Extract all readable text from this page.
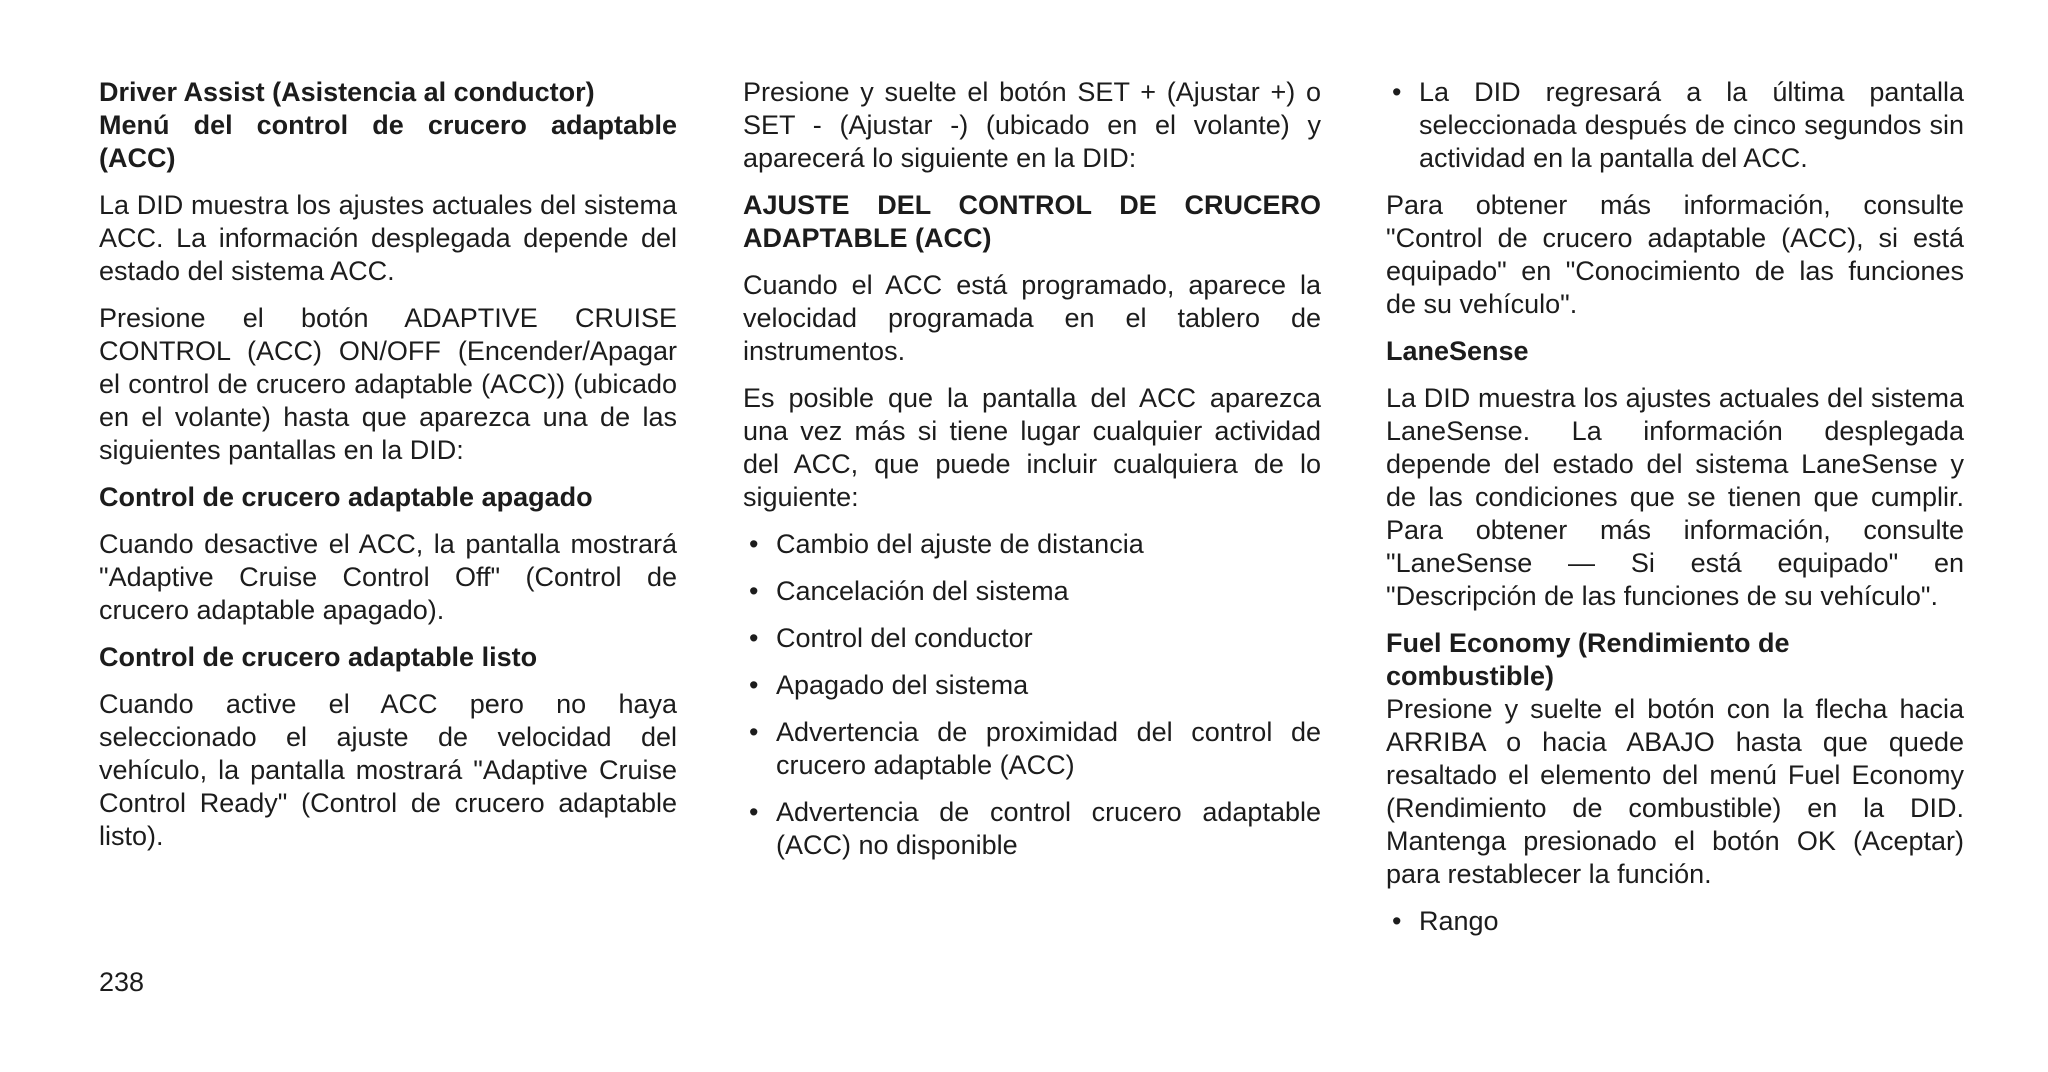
Driver Assist (Asistencia al conductor)
Menú del control de crucero adaptable (ACC)

La DID muestra los ajustes actuales del sistema ACC. La información desplegada depende del estado del sistema ACC.

Presione el botón ADAPTIVE CRUISE CONTROL (ACC) ON/OFF (Encender/Apagar el control de crucero adaptable (ACC)) (ubicado en el volante) hasta que aparezca una de las siguientes pantallas en la DID:

Control de crucero adaptable apagado

Cuando desactive el ACC, la pantalla mostrará "Adaptive Cruise Control Off" (Control de crucero adaptable apagado).

Control de crucero adaptable listo

Cuando active el ACC pero no haya seleccionado el ajuste de velocidad del vehículo, la pantalla mostrará "Adaptive Cruise Control Ready" (Control de crucero adaptable listo).

Presione y suelte el botón SET + (Ajustar +) o SET - (Ajustar -) (ubicado en el volante) y aparecerá lo siguiente en la DID:

AJUSTE DEL CONTROL DE CRUCERO ADAPTABLE (ACC)

Cuando el ACC está programado, aparece la velocidad programada en el tablero de instrumentos.

Es posible que la pantalla del ACC aparezca una vez más si tiene lugar cualquier actividad del ACC, que puede incluir cualquiera de lo siguiente:

• Cambio del ajuste de distancia
• Cancelación del sistema
• Control del conductor
• Apagado del sistema
• Advertencia de proximidad del control de crucero adaptable (ACC)
• Advertencia de control crucero adaptable (ACC) no disponible
• La DID regresará a la última pantalla seleccionada después de cinco segundos sin actividad en la pantalla del ACC.

Para obtener más información, consulte "Control de crucero adaptable (ACC), si está equipado" en "Conocimiento de las funciones de su vehículo".

LaneSense

La DID muestra los ajustes actuales del sistema LaneSense. La información desplegada depende del estado del sistema LaneSense y de las condiciones que se tienen que cumplir. Para obtener más información, consulte "LaneSense — Si está equipado" en "Descripción de las funciones de su vehículo".

Fuel Economy (Rendimiento de combustible)

Presione y suelte el botón con la flecha hacia ARRIBA o hacia ABAJO hasta que quede resaltado el elemento del menú Fuel Economy (Rendimiento de combustible) en la DID. Mantenga presionado el botón OK (Aceptar) para restablecer la función.

• Rango
238
